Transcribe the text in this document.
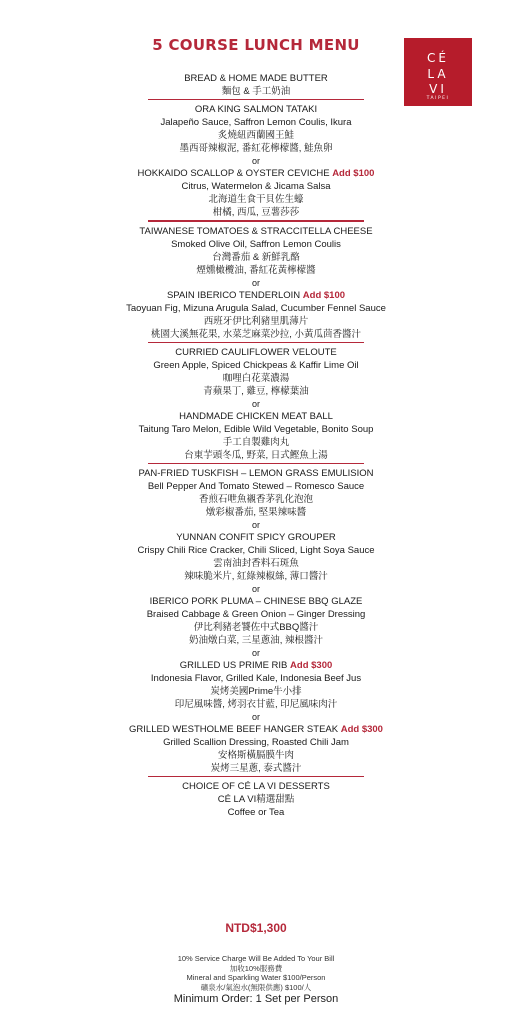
5 COURSE LUNCH MENU
CÉ
LA
VI
TAIPEI
BREAD & HOME MADE BUTTER
麵包 & 手工奶油
ORA KING SALMON TATAKI
Jalapeño Sauce, Saffron Lemon Coulis, Ikura
炙燒紐西蘭國王鮭
墨西哥辣椒泥, 番紅花檸檬醬, 鮭魚卵
or
HOKKAIDO SCALLOP & OYSTER CEVICHE Add $100
Citrus, Watermelon & Jicama Salsa
北海道生食干貝佐生蠔
柑橘, 西瓜, 豆薯莎莎
TAIWANESE TOMATOES & STRACCITELLA CHEESE
Smoked Olive Oil, Saffron Lemon Coulis
台灣番茄 & 新鮮乳酪
煙燻橄欖油, 番紅花黃檸檬醬
or
SPAIN IBERICO TENDERLOIN Add $100
Taoyuan Fig, Mizuna Arugula Salad, Cucumber Fennel Sauce
西班牙伊比利豬里肌薄片
桃園大溪無花果, 水菜芝麻菜沙拉, 小黃瓜茴香醬汁
CURRIED CAULIFLOWER VELOUTE
Green Apple, Spiced Chickpeas & Kaffir Lime Oil
咖哩白花菜濃湯
青蘋果丁, 雞豆, 檸檬葉油
or
HANDMADE CHICKEN MEAT BALL
Taitung Taro Melon, Edible Wild Vegetable, Bonito Soup
手工自製雞肉丸
台東芋頭冬瓜, 野菜, 日式鰹魚上湯
PAN-FRIED TUSKFISH – LEMON GRASS EMULISION
Bell Pepper And Tomato Stewed – Romesco Sauce
香煎石呭魚襯香茅乳化泡泡
燉彩椒番茄, 堅果辣味醬
or
YUNNAN CONFIT SPICY GROUPER
Crispy Chili Rice Cracker, Chili Sliced, Light Soya Sauce
雲南油封香料石斑魚
辣味脆米片, 紅綠辣椒絲, 薄口醬汁
or
IBERICO PORK PLUMA – CHINESE BBQ GLAZE
Braised Cabbage & Green Onion – Ginger Dressing
伊比利豬老饕佐中式BBQ醬汁
奶油燉白菜, 三星蔥油, 辣根醬汁
or
GRILLED US PRIME RIB Add $300
Indonesia Flavor, Grilled Kale, Indonesia Beef Jus
炭烤美國Prime牛小排
印尼風味醬, 烤羽衣甘藍, 印尼風味肉汁
or
GRILLED WESTHOLME BEEF HANGER STEAK Add $300
Grilled Scallion Dressing, Roasted Chili Jam
安格斯橫膈膜牛肉
炭烤三星蔥, 泰式醬汁
CHOICE OF CÉ LA VI DESSERTS
CÉ LA VI精選甜點
Coffee or Tea
NTD$1,300
10% Service Charge Will Be Added To Your Bill
加收10%服務費
Mineral and Sparkling Water $100/Person
礦泉水/氣泡水(無限供應) $100/人
Minimum Order: 1 Set per Person
